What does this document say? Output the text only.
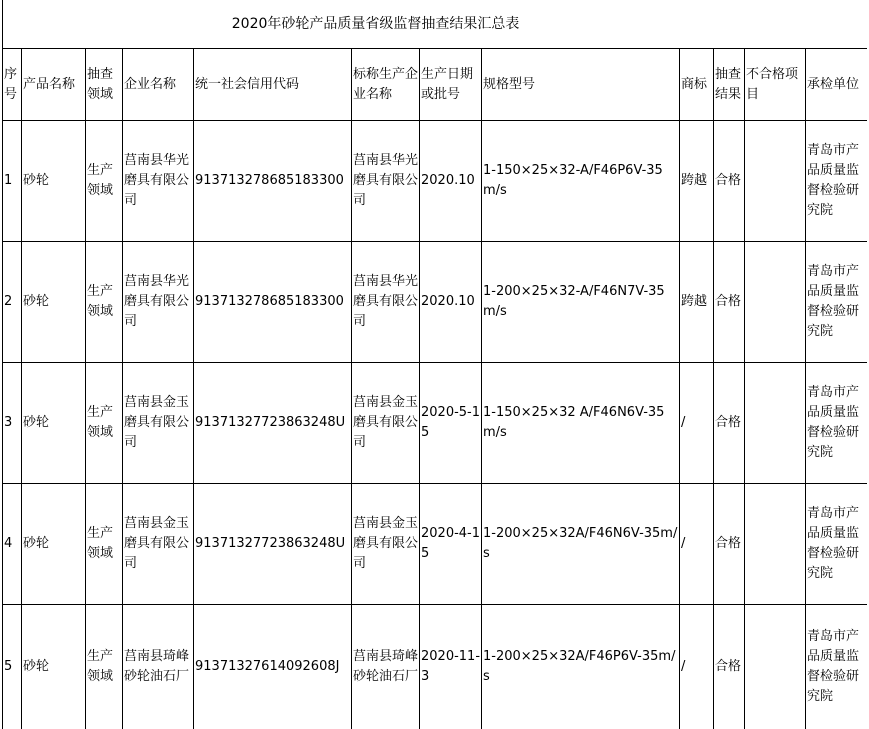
2020年砂轮产品质量省级监督抽查结果汇总表											
序号	产品名称	抽查领域	企业名称	统一社会信用代码	标称生产企业名称	生产日期或批号	规格型号	商标	抽查结果	不合格项目	承检单位
1	砂轮	生产领域	莒南县华光磨具有限公司	91371327868518330​0	莒南县华光磨具有限公司	2020.10	1-150×25×32-A/F46P6V-35m/s	跨越	合格		青岛市产品质量监督检验研究院
2	砂轮	生产领域	莒南县华光磨具有限公司	91371327868518330​0	莒南县华光磨具有限公司	2020.10	1-200×25×32-A/F46N7V-35m/s	跨越	合格		青岛市产品质量监督检验研究院
3	砂轮	生产领域	莒南县金玉磨具有限公司	91371327723863248U	莒南县金玉磨具有限公司	2020-5-15	1-150×25×32 A/F46N6V-35m/s	/	合格		青岛市产品质量监督检验研究院
4	砂轮	生产领域	莒南县金玉磨具有限公司	91371327723863248U	莒南县金玉磨具有限公司	2020-4-15	1-200×25×32A/F46N6V-35m/s	/	合格		青岛市产品质量监督检验研究院
5	砂轮	生产领域	莒南县琦峰砂轮油石厂	91371327614092608J	莒南县琦峰砂轮油石厂	2020-11-3	1-200×25×32A/F46P6V-35m/s	/	合格		青岛市产品质量监督检验研究院
